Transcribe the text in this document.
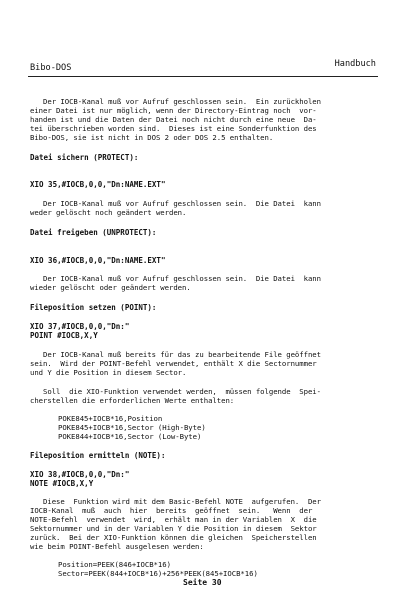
Bibo-DOS	Handbuch
Der IOCB-Kanal muß vor Aufruf geschlossen sein.  Ein zurückholen
einer Datei ist nur möglich, wenn der Directory-Eintrag noch  vor-
handen ist und die Daten der Datei noch nicht durch eine neue  Da-
tei überschrieben worden sind.  Dieses ist eine Sonderfunktion des
Bibo-DOS, sie ist nicht in DOS 2 oder DOS 2.5 enthalten.
Datei sichern (PROTECT):
XIO 35,#IOCB,0,0,"Dn:NAME.EXT"
Der IOCB-Kanal muß vor Aufruf geschlossen sein.  Die Datei  kann
weder gelöscht noch geändert werden.
Datei freigeben (UNPROTECT):
XIO 36,#IOCB,0,0,"Dn:NAME.EXT"
Der IOCB-Kanal muß vor Aufruf geschlossen sein.  Die Datei  kann
wieder gelöscht oder geändert werden.
Fileposition setzen (POINT):
XIO 37,#IOCB,0,0,"Dn:"
POINT #IOCB,X,Y
Der IOCB-Kanal muß bereits für das zu bearbeitende File geöffnet
sein.  Wird der POINT-Befehl verwendet, enthält X die Sectornummer
und Y die Position in diesem Sector.
Soll  die XIO-Funktion verwendet werden,  müssen folgende  Spei-
cherstellen die erforderlichen Werte enthalten:
POKE845+IOCB*16,Position
POKE845+IOCB*16,Sector (High-Byte)
POKE844+IOCB*16,Sector (Low-Byte)
Fileposition ermitteln (NOTE):
XIO 38,#IOCB,0,0,"Dn:"
NOTE #IOCB,X,Y
Diese  Funktion wird mit dem Basic-Befehl NOTE  aufgerufen.  Der
IOCB-Kanal  muß  auch  hier  bereits  geöffnet  sein.   Wenn  der
NOTE-Befehl  verwendet  wird,  erhält man in der Variablen  X  die
Sektornummer und in der Variablen Y die Position in diesem  Sektor
zurück.  Bei der XIO-Funktion können die gleichen  Speicherstellen
wie beim POINT-Befehl ausgelesen werden:
Position=PEEK(846+IOCB*16)
Sector=PEEK(844+IOCB*16)+256*PEEK(845+IOCB*16)
Seite 30
